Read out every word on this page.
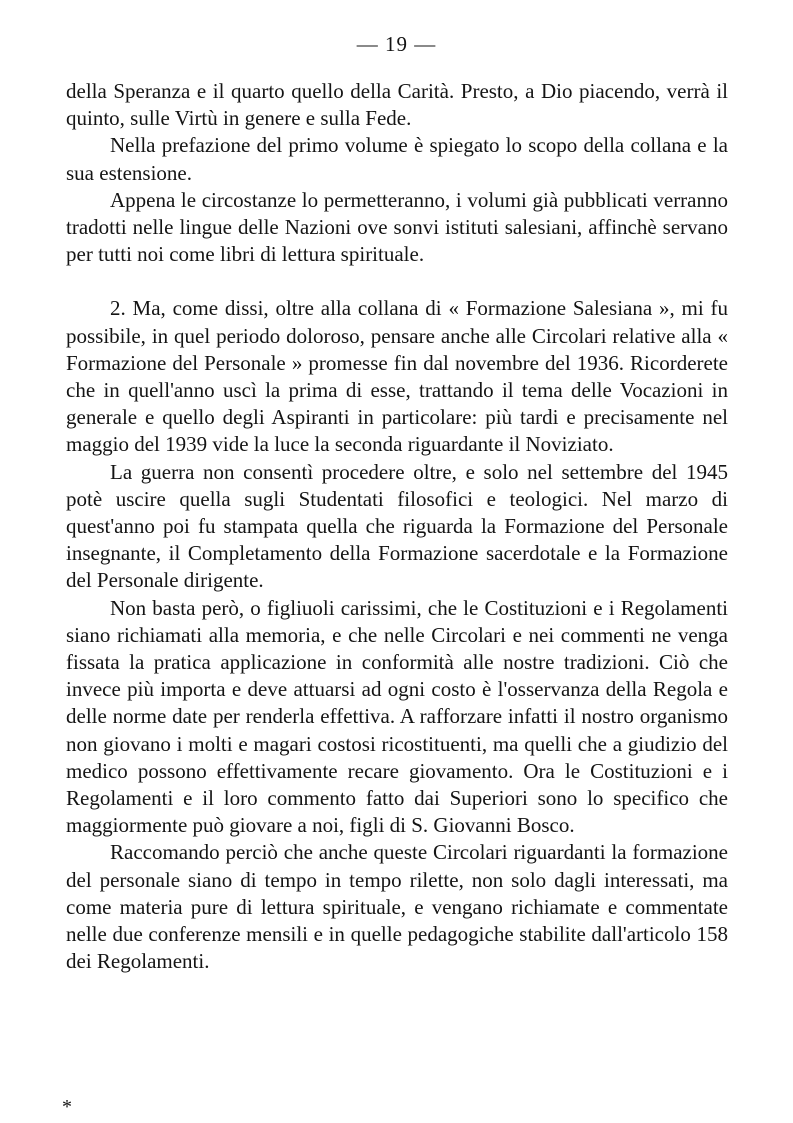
— 19 —

della Speranza e il quarto quello della Carità. Presto, a Dio piacendo, verrà il quinto, sulle Virtù in genere e sulla Fede.

Nella prefazione del primo volume è spiegato lo scopo della collana e la sua estensione.

Appena le circostanze lo permetteranno, i volumi già pubblicati verranno tradotti nelle lingue delle Nazioni ove sonvi istituti salesiani, affinchè servano per tutti noi come libri di lettura spirituale.

2. Ma, come dissi, oltre alla collana di « Formazione Salesiana », mi fu possibile, in quel periodo doloroso, pensare anche alle Circolari relative alla « Formazione del Personale » promesse fin dal novembre del 1936. Ricorderete che in quell'anno uscì la prima di esse, trattando il tema delle Vocazioni in generale e quello degli Aspiranti in particolare: più tardi e precisamente nel maggio del 1939 vide la luce la seconda riguardante il Noviziato.

La guerra non consentì procedere oltre, e solo nel settembre del 1945 potè uscire quella sugli Studentati filosofici e teologici. Nel marzo di quest'anno poi fu stampata quella che riguarda la Formazione del Personale insegnante, il Completamento della Formazione sacerdotale e la Formazione del Personale dirigente.

Non basta però, o figliuoli carissimi, che le Costituzioni e i Regolamenti siano richiamati alla memoria, e che nelle Circolari e nei commenti ne venga fissata la pratica applicazione in conformità alle nostre tradizioni. Ciò che invece più importa e deve attuarsi ad ogni costo è l'osservanza della Regola e delle norme date per renderla effettiva. A rafforzare infatti il nostro organismo non giovano i molti e magari costosi ricostituenti, ma quelli che a giudizio del medico possono effettivamente recare giovamento. Ora le Costituzioni e i Regolamenti e il loro commento fatto dai Superiori sono lo specifico che maggiormente può giovare a noi, figli di S. Giovanni Bosco.

Raccomando perciò che anche queste Circolari riguardanti la formazione del personale siano di tempo in tempo rilette, non solo dagli interessati, ma come materia pure di lettura spirituale, e vengano richiamate e commentate nelle due conferenze mensili e in quelle pedagogiche stabilite dall'articolo 158 dei Regolamenti.

*
